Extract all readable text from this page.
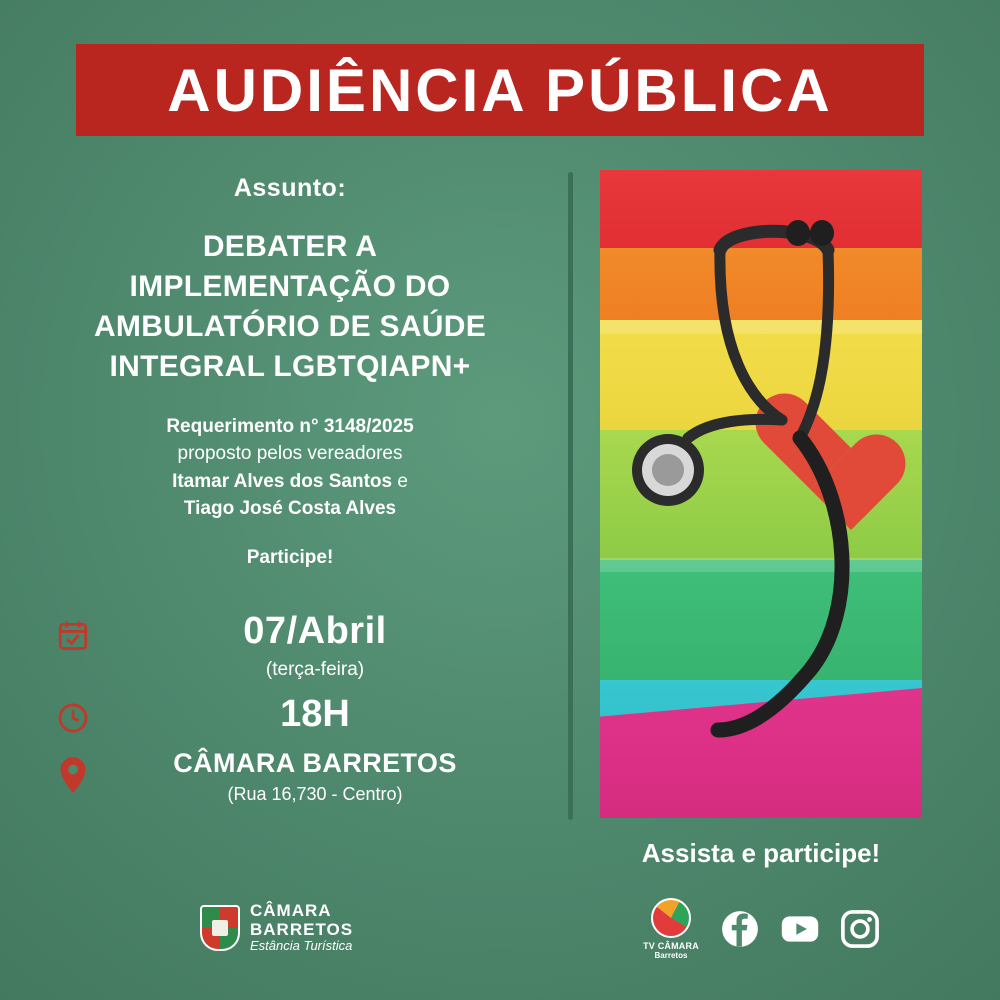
AUDIÊNCIA PÚBLICA
Assunto:
DEBATER A IMPLEMENTAÇÃO DO AMBULATÓRIO DE SAÚDE INTEGRAL LGBTQIAPN+
Requerimento n° 3148/2025
proposto pelos vereadores
Itamar Alves dos Santos e
Tiago José Costa Alves
Participe!
07/Abril
(terça-feira)
18H
CÂMARA BARRETOS
(Rua 16,730 - Centro)
Assista e participe!
TV CÂMARA
Barretos
CÂMARA
BARRETOS
Estância Turística
